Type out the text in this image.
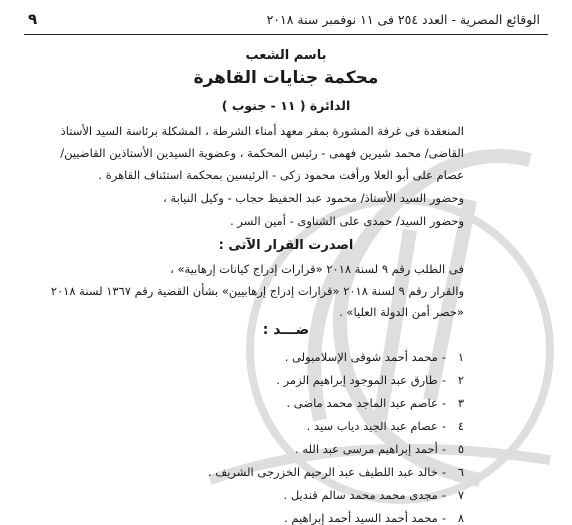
٩	الوقائع المصرية - العدد ٢٥٤ فى ١١ نوفمبر سنة ٢٠١٨
باسم الشعب
محكمة جنايات القاهرة
الدائرة ( ١١ - جنوب )
المنعقدة فى غرفة المشورة بمقر معهد أمناء الشرطة ، المشكلة برئاسة السيد الأستاذ
القاضى/ محمد شيرين فهمى - رئيس المحكمة ، وعضوية السيدين الأستاذين القاضيين/
عصام على أبو العلا ورأفت محمود زكى - الرئيسين بمحكمة استئناف القاهرة .
وحضور السيد الأستاذ/ محمود عبد الحفيظ حجاب - وكيل النيابة ،
وحضور السيد/ حمدى على الشناوى - أمين السر .
اصدرت القرار الآتى :
فى الطلب رقم ٩ لسنة ٢٠١٨ «قرارات إدراج كيانات إرهابية» ،
والقرار رقم ٩ لسنة ٢٠١٨ «قرارات إدراج إرهابيين» بشأن القضية رقم ١٣٦٧ لسنة ٢٠١٨
«حصر أمن الدولة العليا» .
ضـــد :
١-محمد أحمد شوقى الإسلامبولى .
٢-طارق عبد الموجود إبراهيم الزمر .
٣-عاصم عبد الماجد محمد ماضى .
٤-عصام عبد الجيد دياب سيد .
٥-أحمد إبراهيم مرسى عبد الله .
٦-خالد عبد اللطيف عبد الرحيم الخزرجى الشريف .
٧-مجدى محمد محمد سالم قنديل .
٨-محمد أحمد السيد أحمد إبراهيم .
